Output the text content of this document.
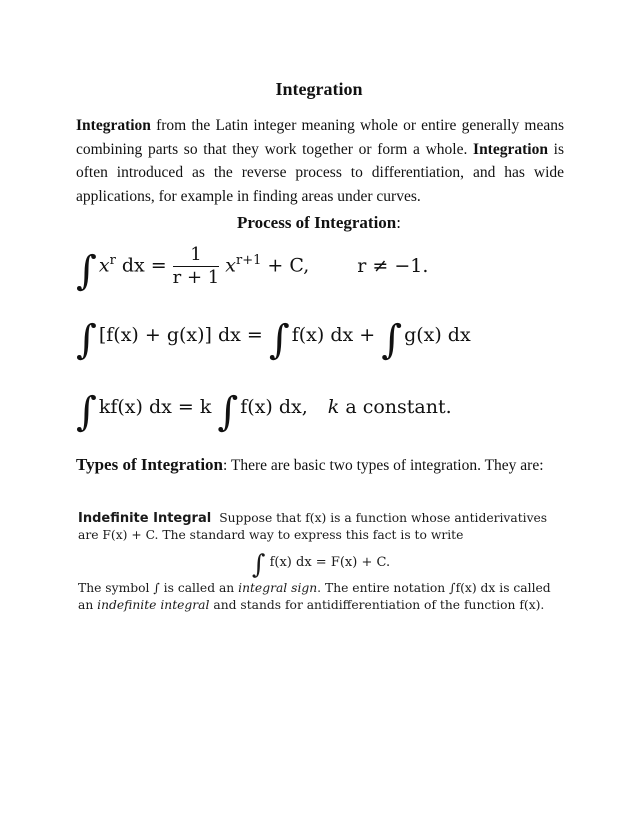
Integration

Integration from the Latin integer meaning whole or entire generally means combining parts so that they work together or form a whole. Integration is often introduced as the reverse process to differentiation, and has wide applications, for example in finding areas under curves.

Process of Integration:
∫ $x^r$ dx = $\frac{1}{r + 1} x^{r+1} + C$,	r ≠ −1.
∫ [f(x) + g(x)] dx = ∫ f(x) dx + ∫ g(x) dx
∫ kf(x) dx = k ∫ f(x) dx, k a constant.
Types of Integration: There are basic two types of integration. They are:
Indefinite Integral Suppose that f(x) is a function whose antiderivatives are F(x) + C. The standard way to express this fact is to write
∫ f(x) dx = F(x) + C.
The symbol ∫ is called an integral sign. The entire notation ∫f(x) dx is called an indefinite integral and stands for antidifferentiation of the function f(x).
